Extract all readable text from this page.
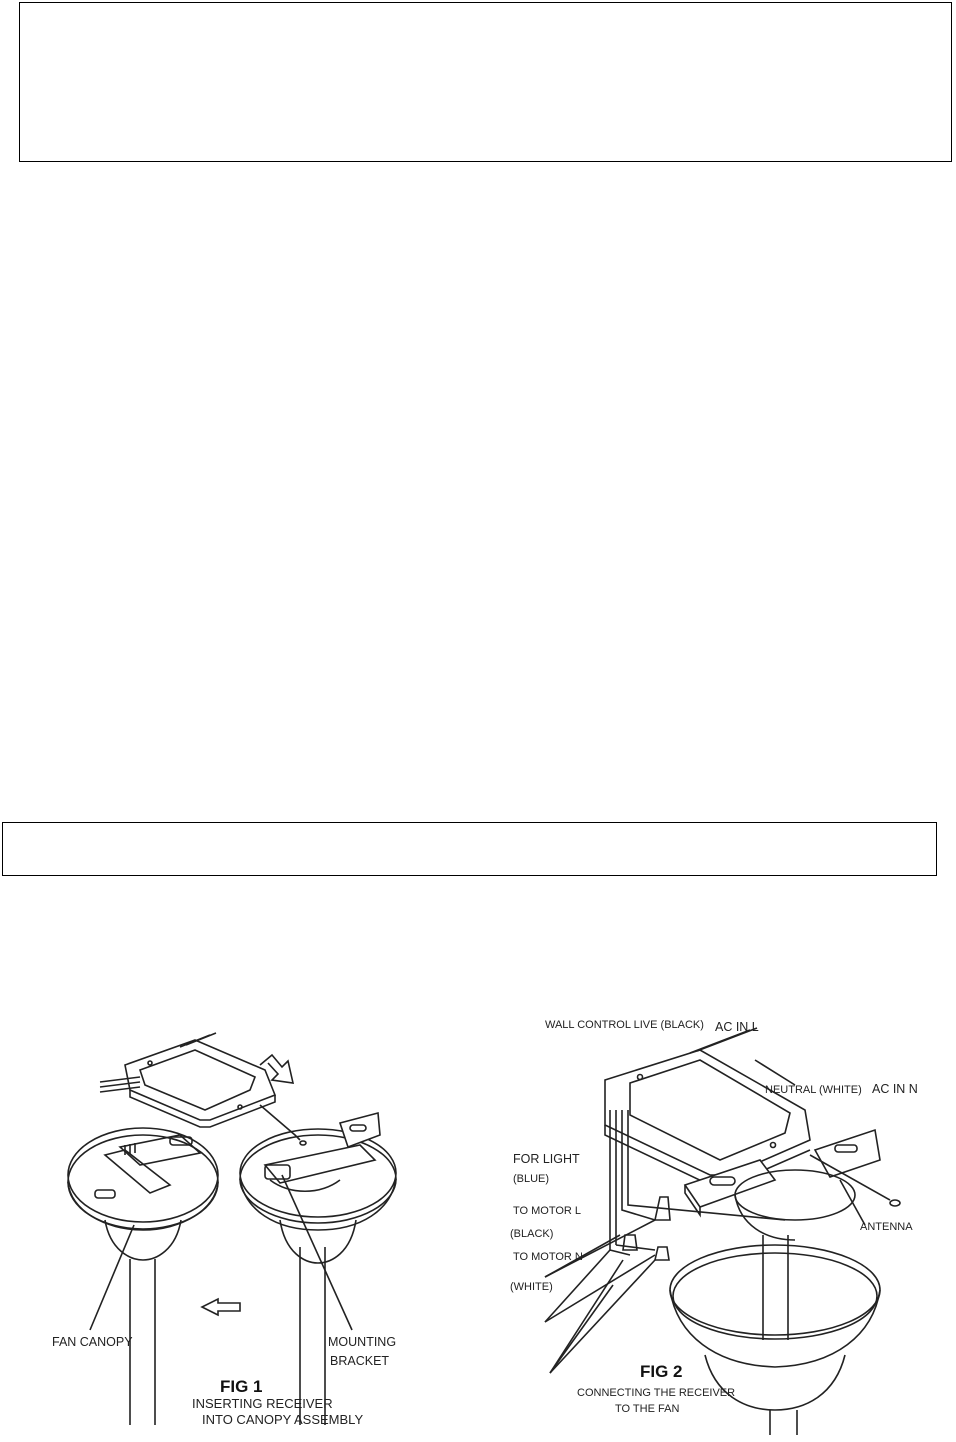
FAN CANOPY	MOUNTING
BRACKET
FIG 1
INSERTING RECEIVER
INTO CANOPY ASSEMBLY
WALL CONTROL LIVE (BLACK) AC IN L
NEUTRAL (WHITE) AC IN N
FOR LIGHT
(BLUE)
TO MOTOR L
(BLACK)
TO MOTOR N
(WHITE)
ANTENNA
FIG 2
CONNECTING THE RECEIVER
TO THE FAN
